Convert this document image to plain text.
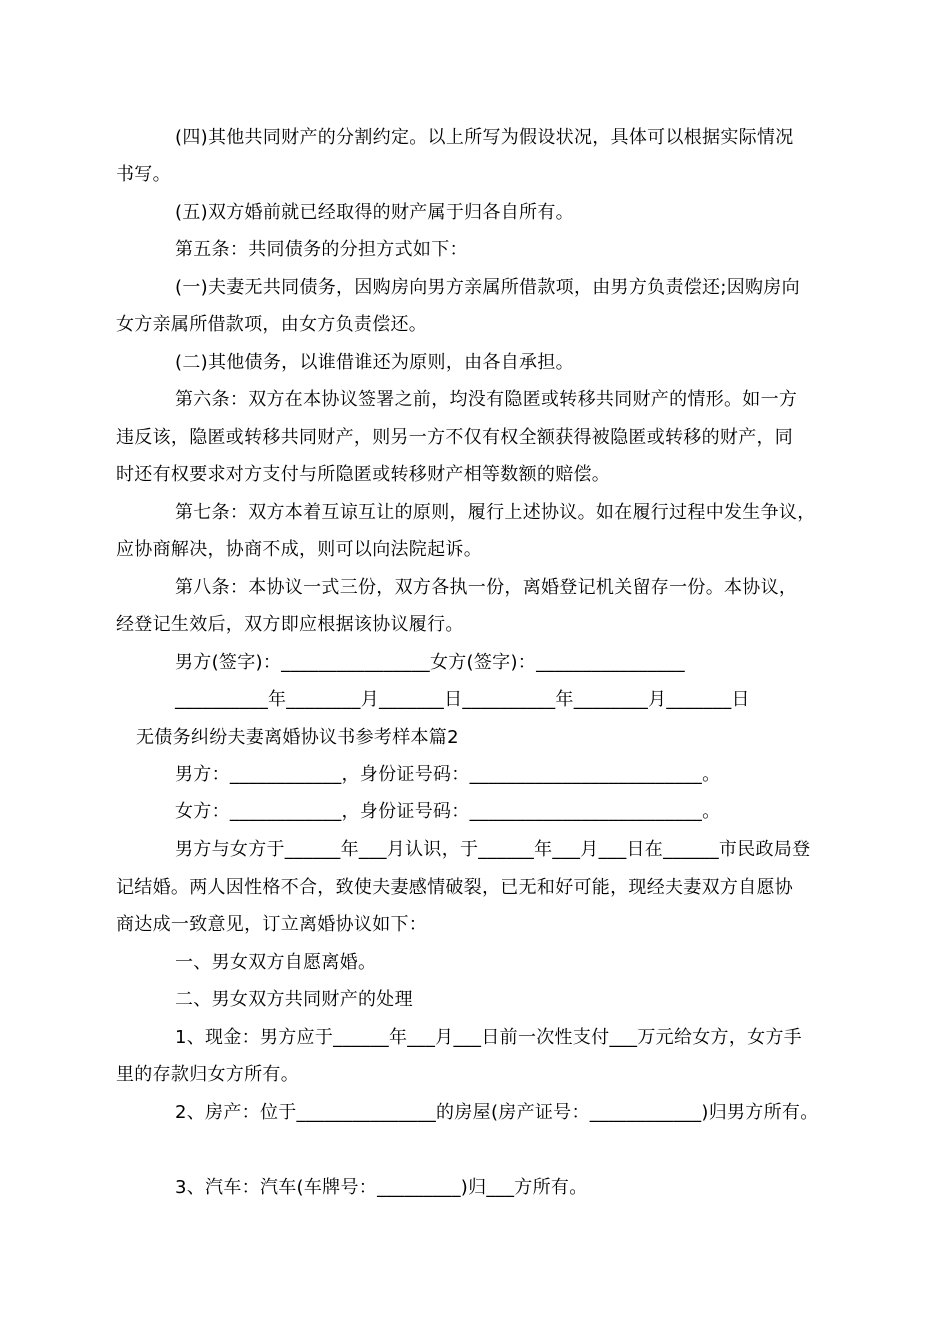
(四)其他共同财产的分割约定。以上所写为假设状况，具体可以根据实际情况
书写。
(五)双方婚前就已经取得的财产属于归各自所有。
第五条：共同债务的分担方式如下：
(一)夫妻无共同债务，因购房向男方亲属所借款项，由男方负责偿还;因购房向
女方亲属所借款项，由女方负责偿还。
(二)其他债务，以谁借谁还为原则，由各自承担。
第六条：双方在本协议签署之前，均没有隐匿或转移共同财产的情形。如一方
违反该，隐匿或转移共同财产，则另一方不仅有权全额获得被隐匿或转移的财产，同
时还有权要求对方支付与所隐匿或转移财产相等数额的赔偿。
第七条：双方本着互谅互让的原则，履行上述协议。如在履行过程中发生争议，
应协商解决，协商不成，则可以向法院起诉。
第八条：本协议一式三份，双方各执一份，离婚登记机关留存一份。本协议，
经登记生效后，双方即应根据该协议履行。
男方(签字)：________________女方(签字)：________________
__________年________月_______日__________年________月_______日
无债务纠纷夫妻离婚协议书参考样本篇2
男方：____________，身份证号码：_________________________。
女方：____________，身份证号码：_________________________。
男方与女方于______年___月认识，于______年___月___日在______市民政局登
记结婚。两人因性格不合，致使夫妻感情破裂，已无和好可能，现经夫妻双方自愿协
商达成一致意见，订立离婚协议如下：
一、男女双方自愿离婚。
二、男女双方共同财产的处理
1、现金：男方应于______年___月___日前一次性支付___万元给女方，女方手
里的存款归女方所有。
2、房产：位于_______________的房屋(房产证号：____________)归男方所有。
3、汽车：汽车(车牌号：_________)归___方所有。
